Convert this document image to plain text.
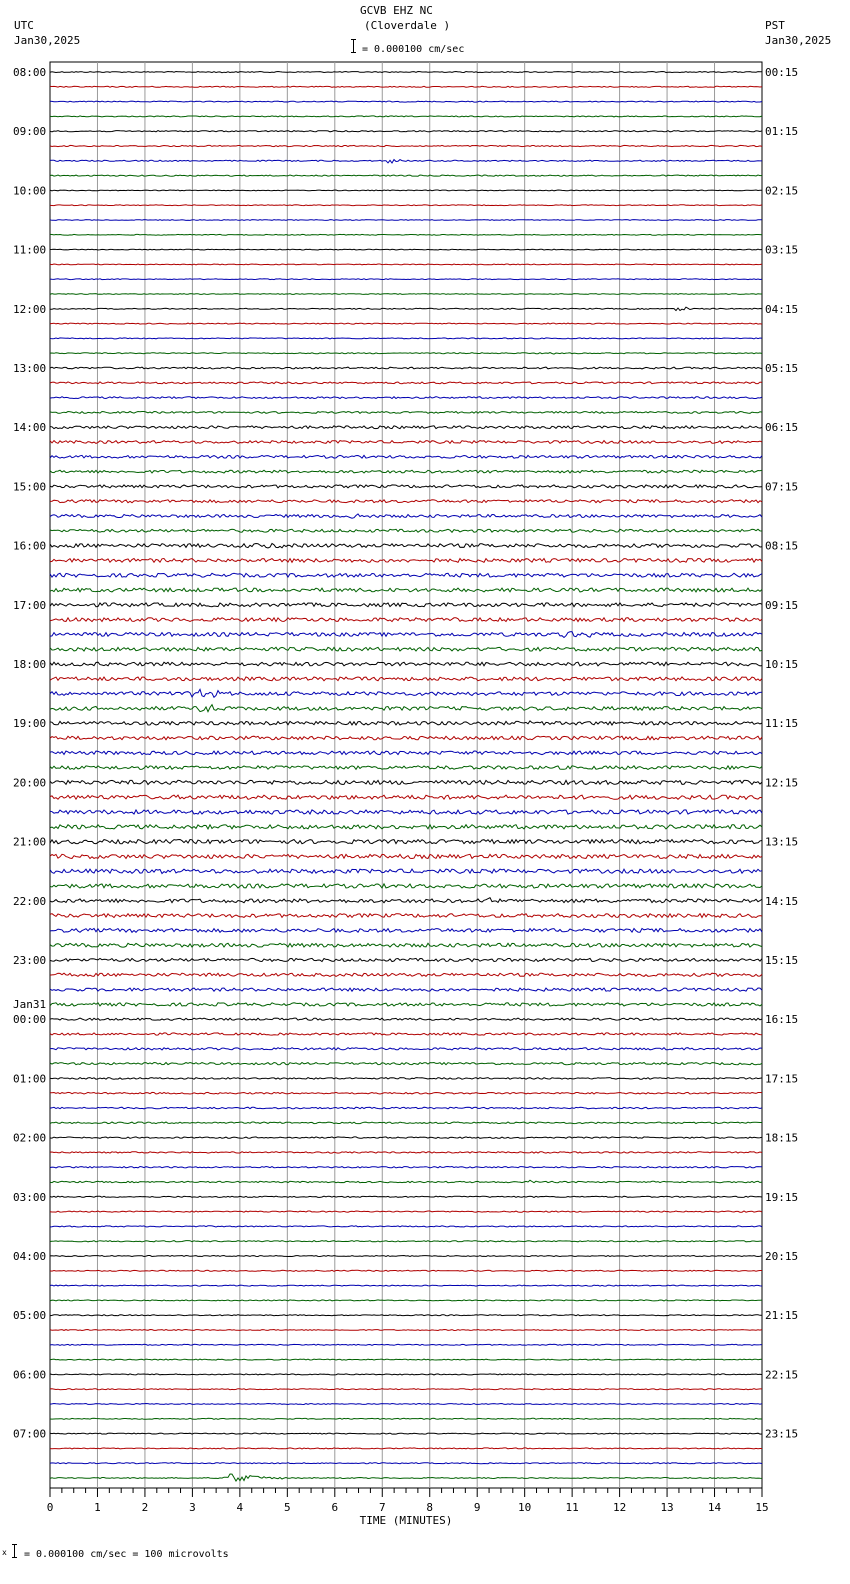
GCVB EHZ NC
(Cloverdale )
= 0.000100 cm/sec
UTC
Jan30,2025
PST
Jan30,2025
0	1	2	3	4	5	6	7	8	9	10	11	12	13	14	15
TIME (MINUTES)
08:00
09:00
10:00
11:00
12:00
13:00
14:00
15:00
16:00
17:00
18:00
19:00
20:00
21:00
22:00
23:00
00:00
Jan31
01:00
02:00
03:00
04:00
05:00
06:00
07:00
00:15
01:15
02:15
03:15
04:15
05:15
06:15
07:15
08:15
09:15
10:15
11:15
12:15
13:15
14:15
15:15
16:15
17:15
18:15
19:15
20:15
21:15
22:15
23:15
x = 0.000100 cm/sec = 100 microvolts
